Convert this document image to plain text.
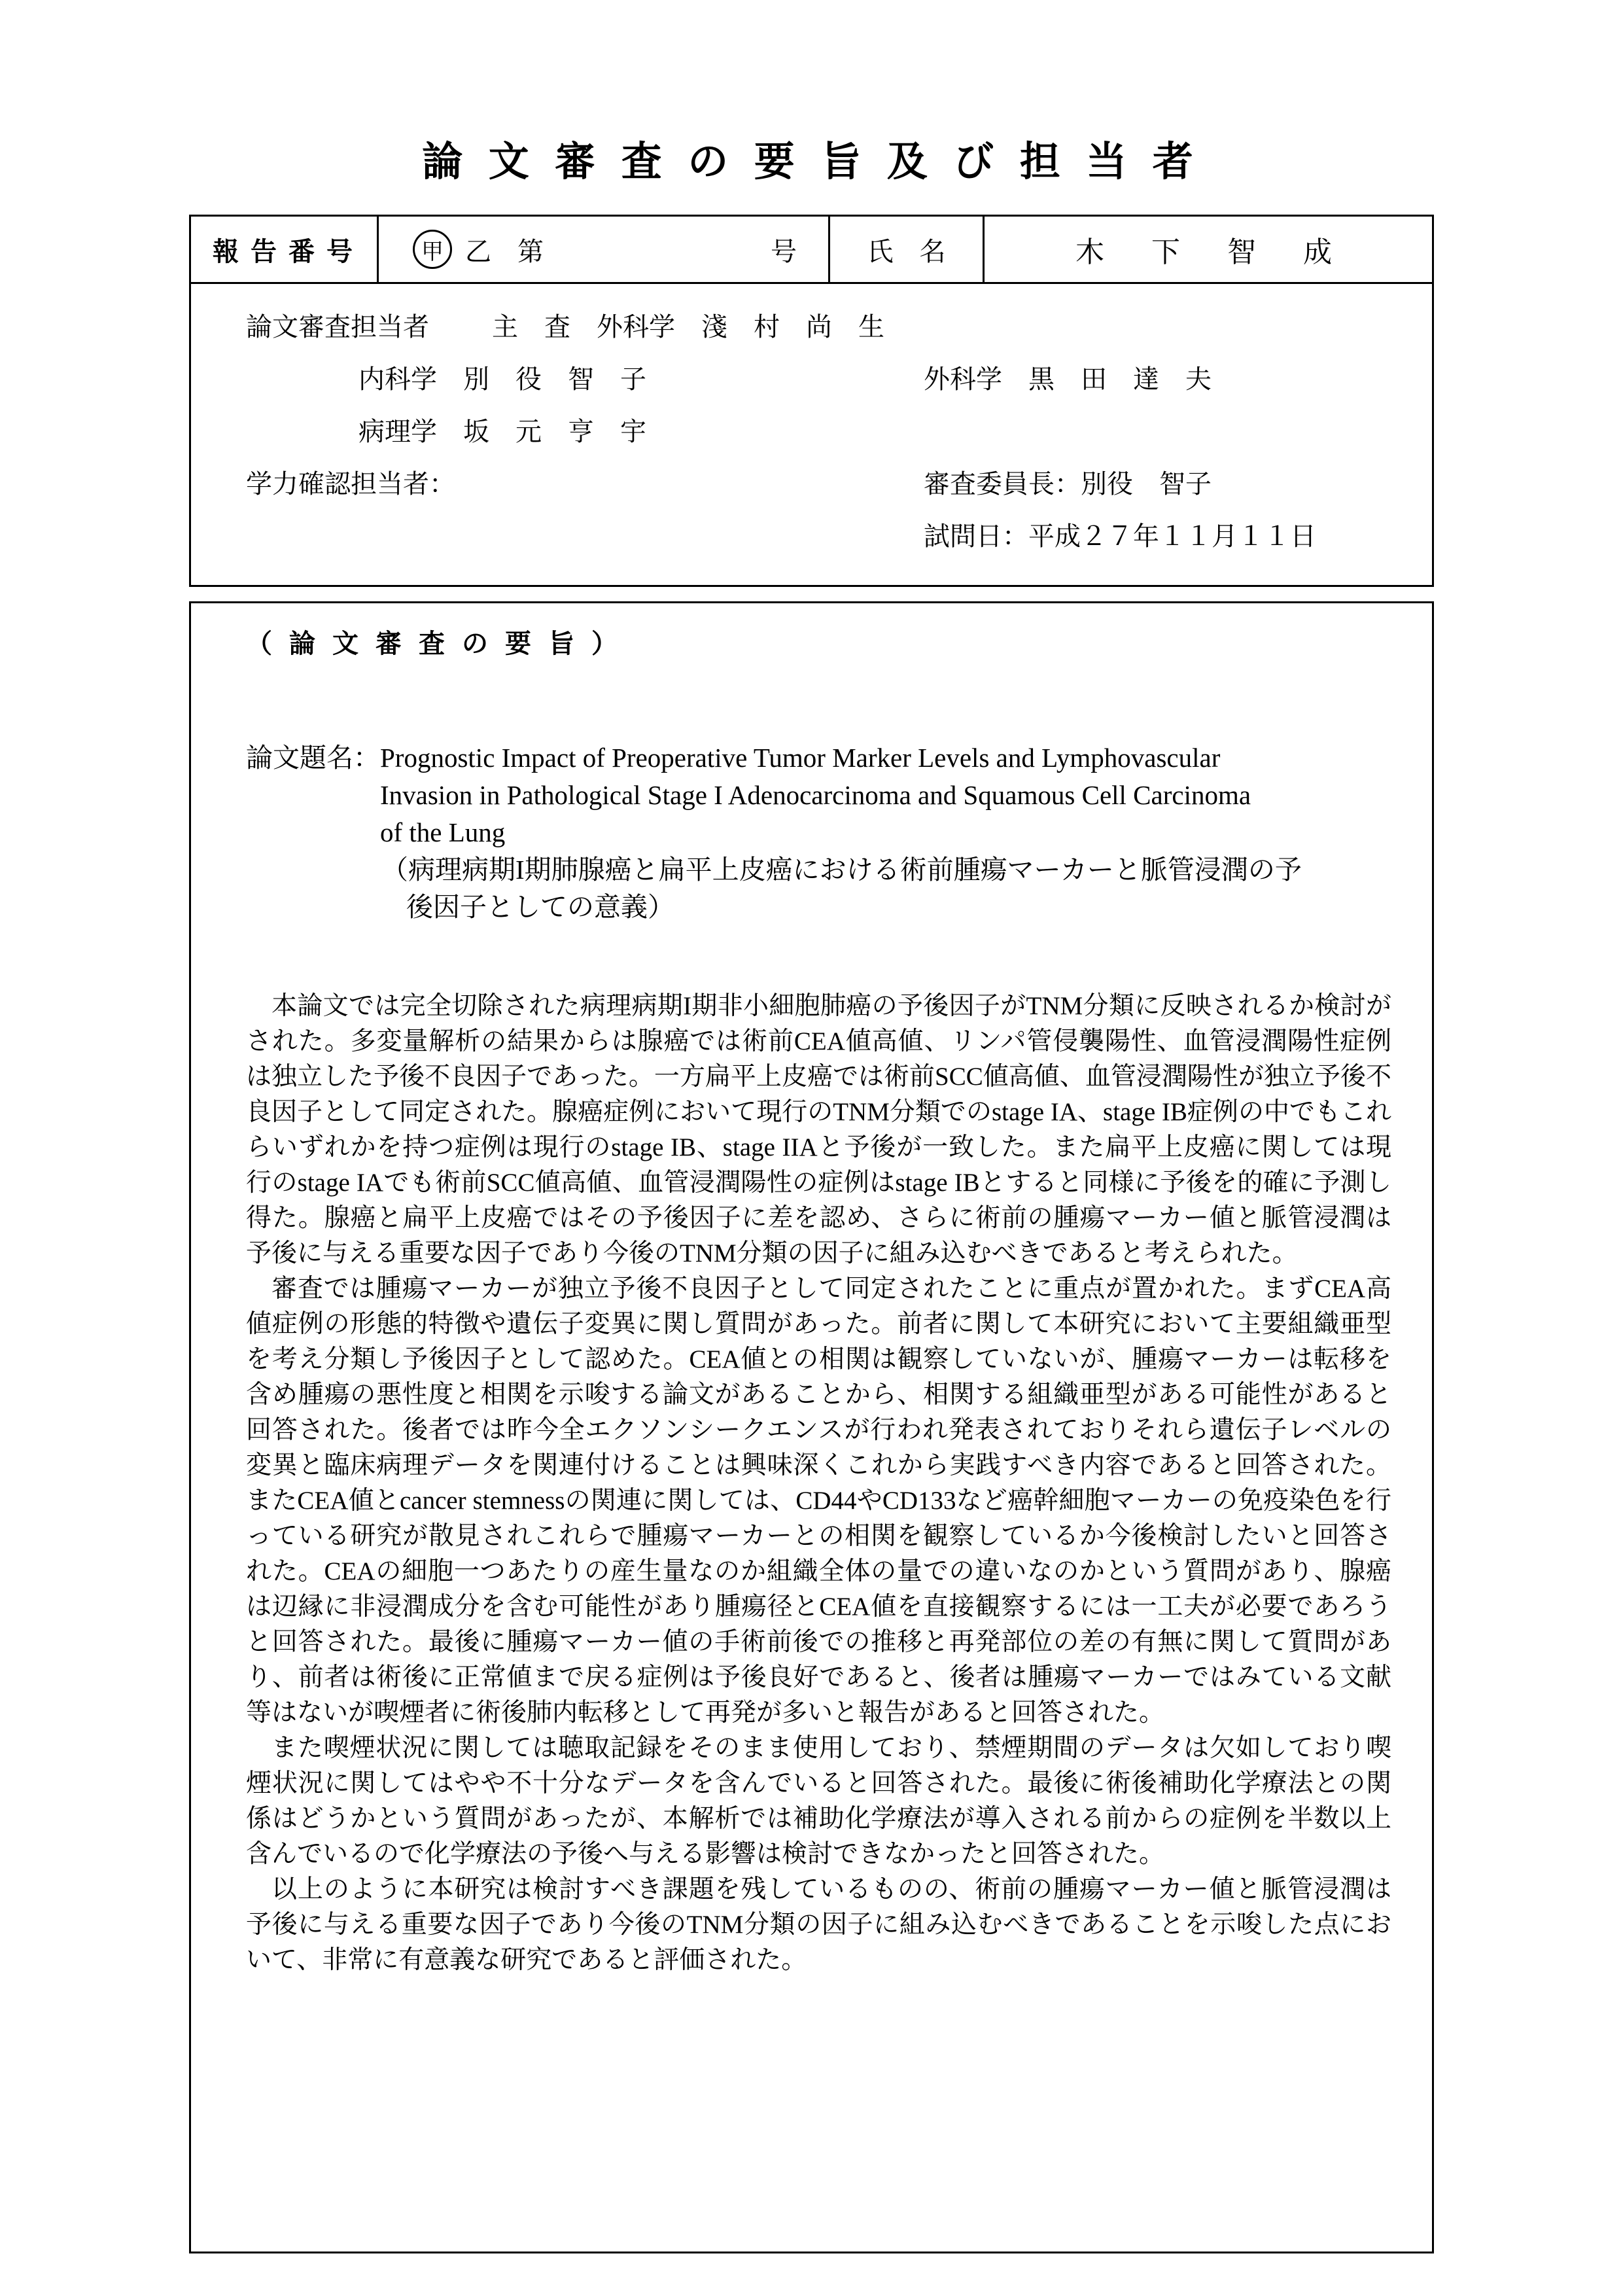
論 文 審 査 の 要 旨 及 び 担 当 者
報 告 番 号	甲 乙　第	号	氏　名	木　下　智　成
論文審査担当者 主　査　外科学　淺　村　尚　生
内科学　別　役　智　子	外科学　黒　田　達　夫
病理学　坂　元　亨　宇
学力確認担当者：	審査委員長：別役　智子
試問日：平成２７年１１月１１日
（ 論 文 審 査 の 要 旨 ）
論文題名： Prognostic Impact of Preoperative Tumor Marker Levels and Lymphovascular
Invasion in Pathological Stage I Adenocarcinoma and Squamous Cell Carcinoma
of the Lung
（病理病期I期肺腺癌と扁平上皮癌における術前腫瘍マーカーと脈管浸潤の予
後因子としての意義）

本論文では完全切除された病理病期I期非小細胞肺癌の予後因子がTNM分類に反映されるか検討がされた。多変量解析の結果からは腺癌では術前CEA値高値、リンパ管侵襲陽性、血管浸潤陽性症例は独立した予後不良因子であった。一方扁平上皮癌では術前SCC値高値、血管浸潤陽性が独立予後不良因子として同定された。腺癌症例において現行のTNM分類でのstage IA、stage IB症例の中でもこれらいずれかを持つ症例は現行のstage IB、stage IIAと予後が一致した。また扁平上皮癌に関しては現行のstage IAでも術前SCC値高値、血管浸潤陽性の症例はstage IBとすると同様に予後を的確に予測し得た。腺癌と扁平上皮癌ではその予後因子に差を認め、さらに術前の腫瘍マーカー値と脈管浸潤は予後に与える重要な因子であり今後のTNM分類の因子に組み込むべきであると考えられた。

審査では腫瘍マーカーが独立予後不良因子として同定されたことに重点が置かれた。まずCEA高値症例の形態的特徴や遺伝子変異に関し質問があった。前者に関して本研究において主要組織亜型を考え分類し予後因子として認めた。CEA値との相関は観察していないが、腫瘍マーカーは転移を含め腫瘍の悪性度と相関を示唆する論文があることから、相関する組織亜型がある可能性があると回答された。後者では昨今全エクソンシークエンスが行われ発表されておりそれら遺伝子レベルの変異と臨床病理データを関連付けることは興味深くこれから実践すべき内容であると回答された。またCEA値とcancer stemnessの関連に関しては、CD44やCD133など癌幹細胞マーカーの免疫染色を行っている研究が散見されこれらで腫瘍マーカーとの相関を観察しているか今後検討したいと回答された。CEAの細胞一つあたりの産生量なのか組織全体の量での違いなのかという質問があり、腺癌は辺縁に非浸潤成分を含む可能性があり腫瘍径とCEA値を直接観察するには一工夫が必要であろうと回答された。最後に腫瘍マーカー値の手術前後での推移と再発部位の差の有無に関して質問があり、前者は術後に正常値まで戻る症例は予後良好であると、後者は腫瘍マーカーではみている文献等はないが喫煙者に術後肺内転移として再発が多いと報告があると回答された。

また喫煙状況に関しては聴取記録をそのまま使用しており、禁煙期間のデータは欠如しており喫煙状況に関してはやや不十分なデータを含んでいると回答された。最後に術後補助化学療法との関係はどうかという質問があったが、本解析では補助化学療法が導入される前からの症例を半数以上含んでいるので化学療法の予後へ与える影響は検討できなかったと回答された。

以上のように本研究は検討すべき課題を残しているものの、術前の腫瘍マーカー値と脈管浸潤は予後に与える重要な因子であり今後のTNM分類の因子に組み込むべきであることを示唆した点において、非常に有意義な研究であると評価された。
